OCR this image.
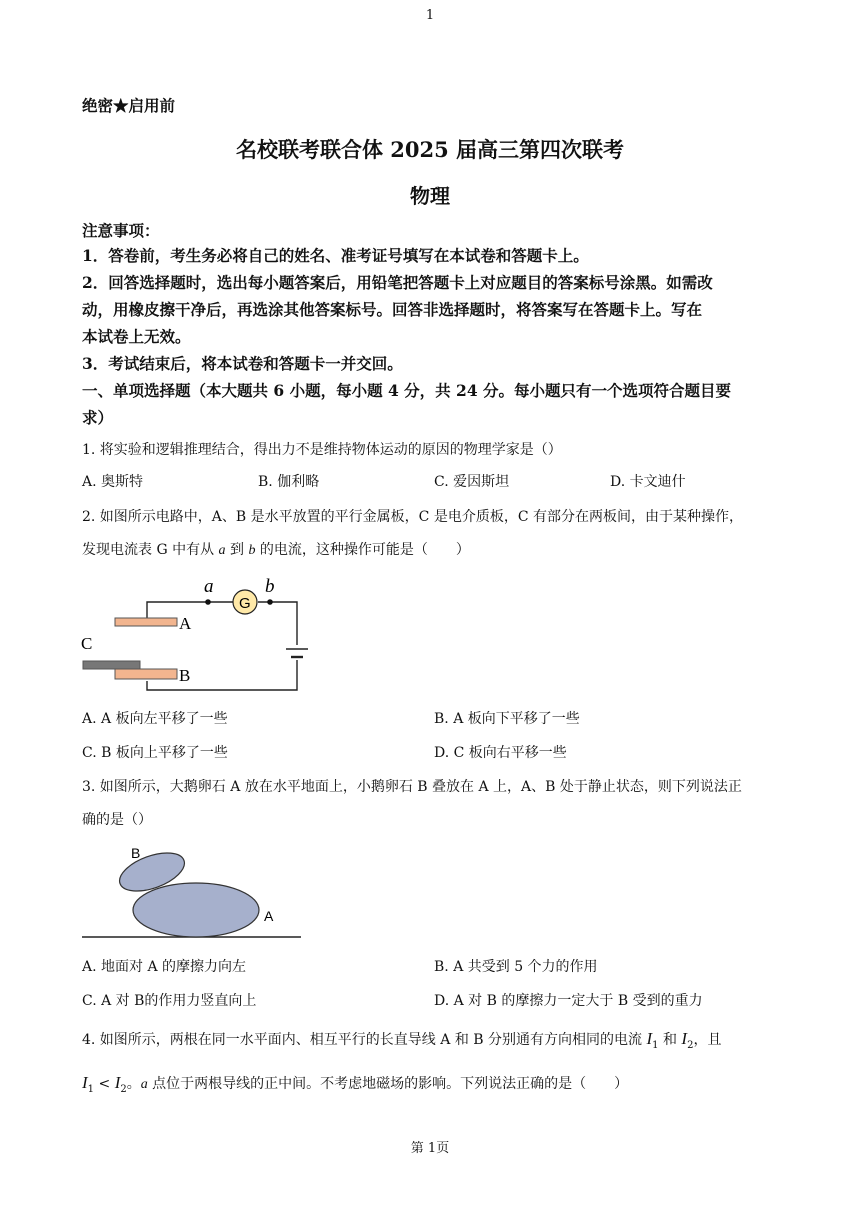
1
绝密★启用前
名校联考联合体 2025 届高三第四次联考
物理
注意事项：
1．答卷前，考生务必将自己的姓名、准考证号填写在本试卷和答题卡上。
2．回答选择题时，选出每小题答案后，用铅笔把答题卡上对应题目的答案标号涂黑。如需改
动，用橡皮擦干净后，再选涂其他答案标号。回答非选择题时，将答案写在答题卡上。写在
本试卷上无效。
3．考试结束后，将本试卷和答题卡一并交回。
一、单项选择题（本大题共 6 小题，每小题 4 分，共 24 分。每小题只有一个选项符合题目要
求）
1. 将实验和逻辑推理结合，得出力不是维持物体运动的原因的物理学家是（）
A. 奥斯特	B. 伽利略	C. 爱因斯坦	D. 卡文迪什
2. 如图所示电路中，A、B 是水平放置的平行金属板，C 是电介质板，C 有部分在两板间，由于某种操作，
发现电流表 G 中有从 a 到 b 的电流，这种操作可能是（　　）
a	b
G
A
C
B
A. A 板向左平移了一些	B. A 板向下平移了一些
C. B 板向上平移了一些	D. C 板向右平移一些
3. 如图所示，大鹅卵石 A 放在水平地面上，小鹅卵石 B 叠放在 A 上，A、B 处于静止状态，则下列说法正
确的是（）
B
A
A. 地面对 A 的摩擦力向左	B. A 共受到 5 个力的作用
C. A 对 B的作用力竖直向上	D. A 对 B 的摩擦力一定大于 B 受到的重力
4. 如图所示，两根在同一水平面内、相互平行的长直导线 A 和 B 分别通有方向相同的电流 $I_1$ 和 $I_2$，且
$I_1 < I_2$。a 点位于两根导线的正中间。不考虑地磁场的影响。下列说法正确的是（　　）
第 1页
